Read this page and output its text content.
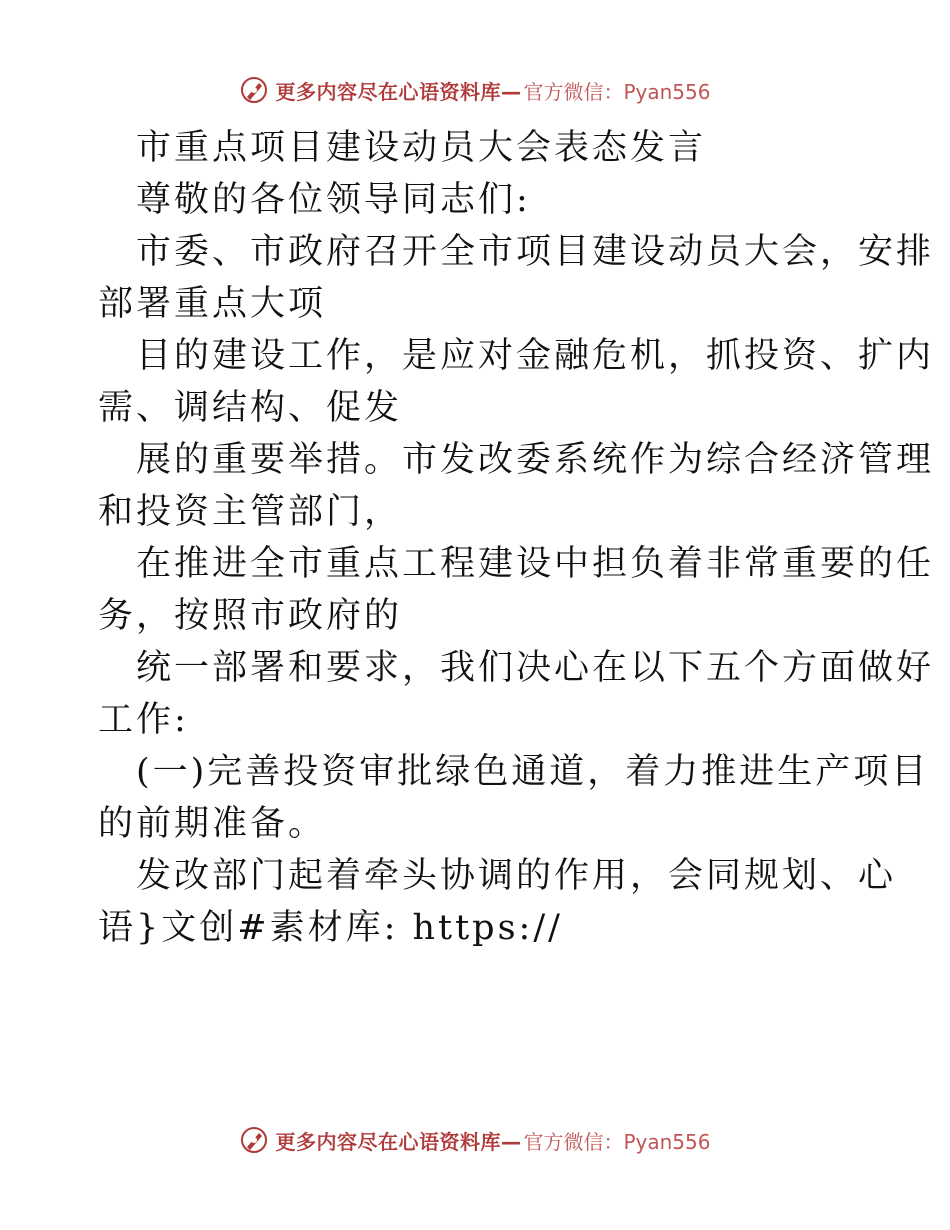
更多内容尽在心语资料库— 官方微信：Pyan556

市重点项目建设动员大会表态发言

尊敬的各位领导同志们:

市委、市政府召开全市项目建设动员大会，安排
部署重点大项

目的建设工作，是应对金融危机，抓投资、扩内
需、调结构、促发

展的重要举措。市发改委系统作为综合经济管理
和投资主管部门，

在推进全市重点工程建设中担负着非常重要的任
务，按照市政府的

统一部署和要求，我们决心在以下五个方面做好
工作:

(一)完善投资审批绿色通道，着力推进生产项目
的前期准备。

发改部门起着牵头协调的作用，会同规划、心
语}文创#素材库: https://

更多内容尽在心语资料库— 官方微信：Pyan556
